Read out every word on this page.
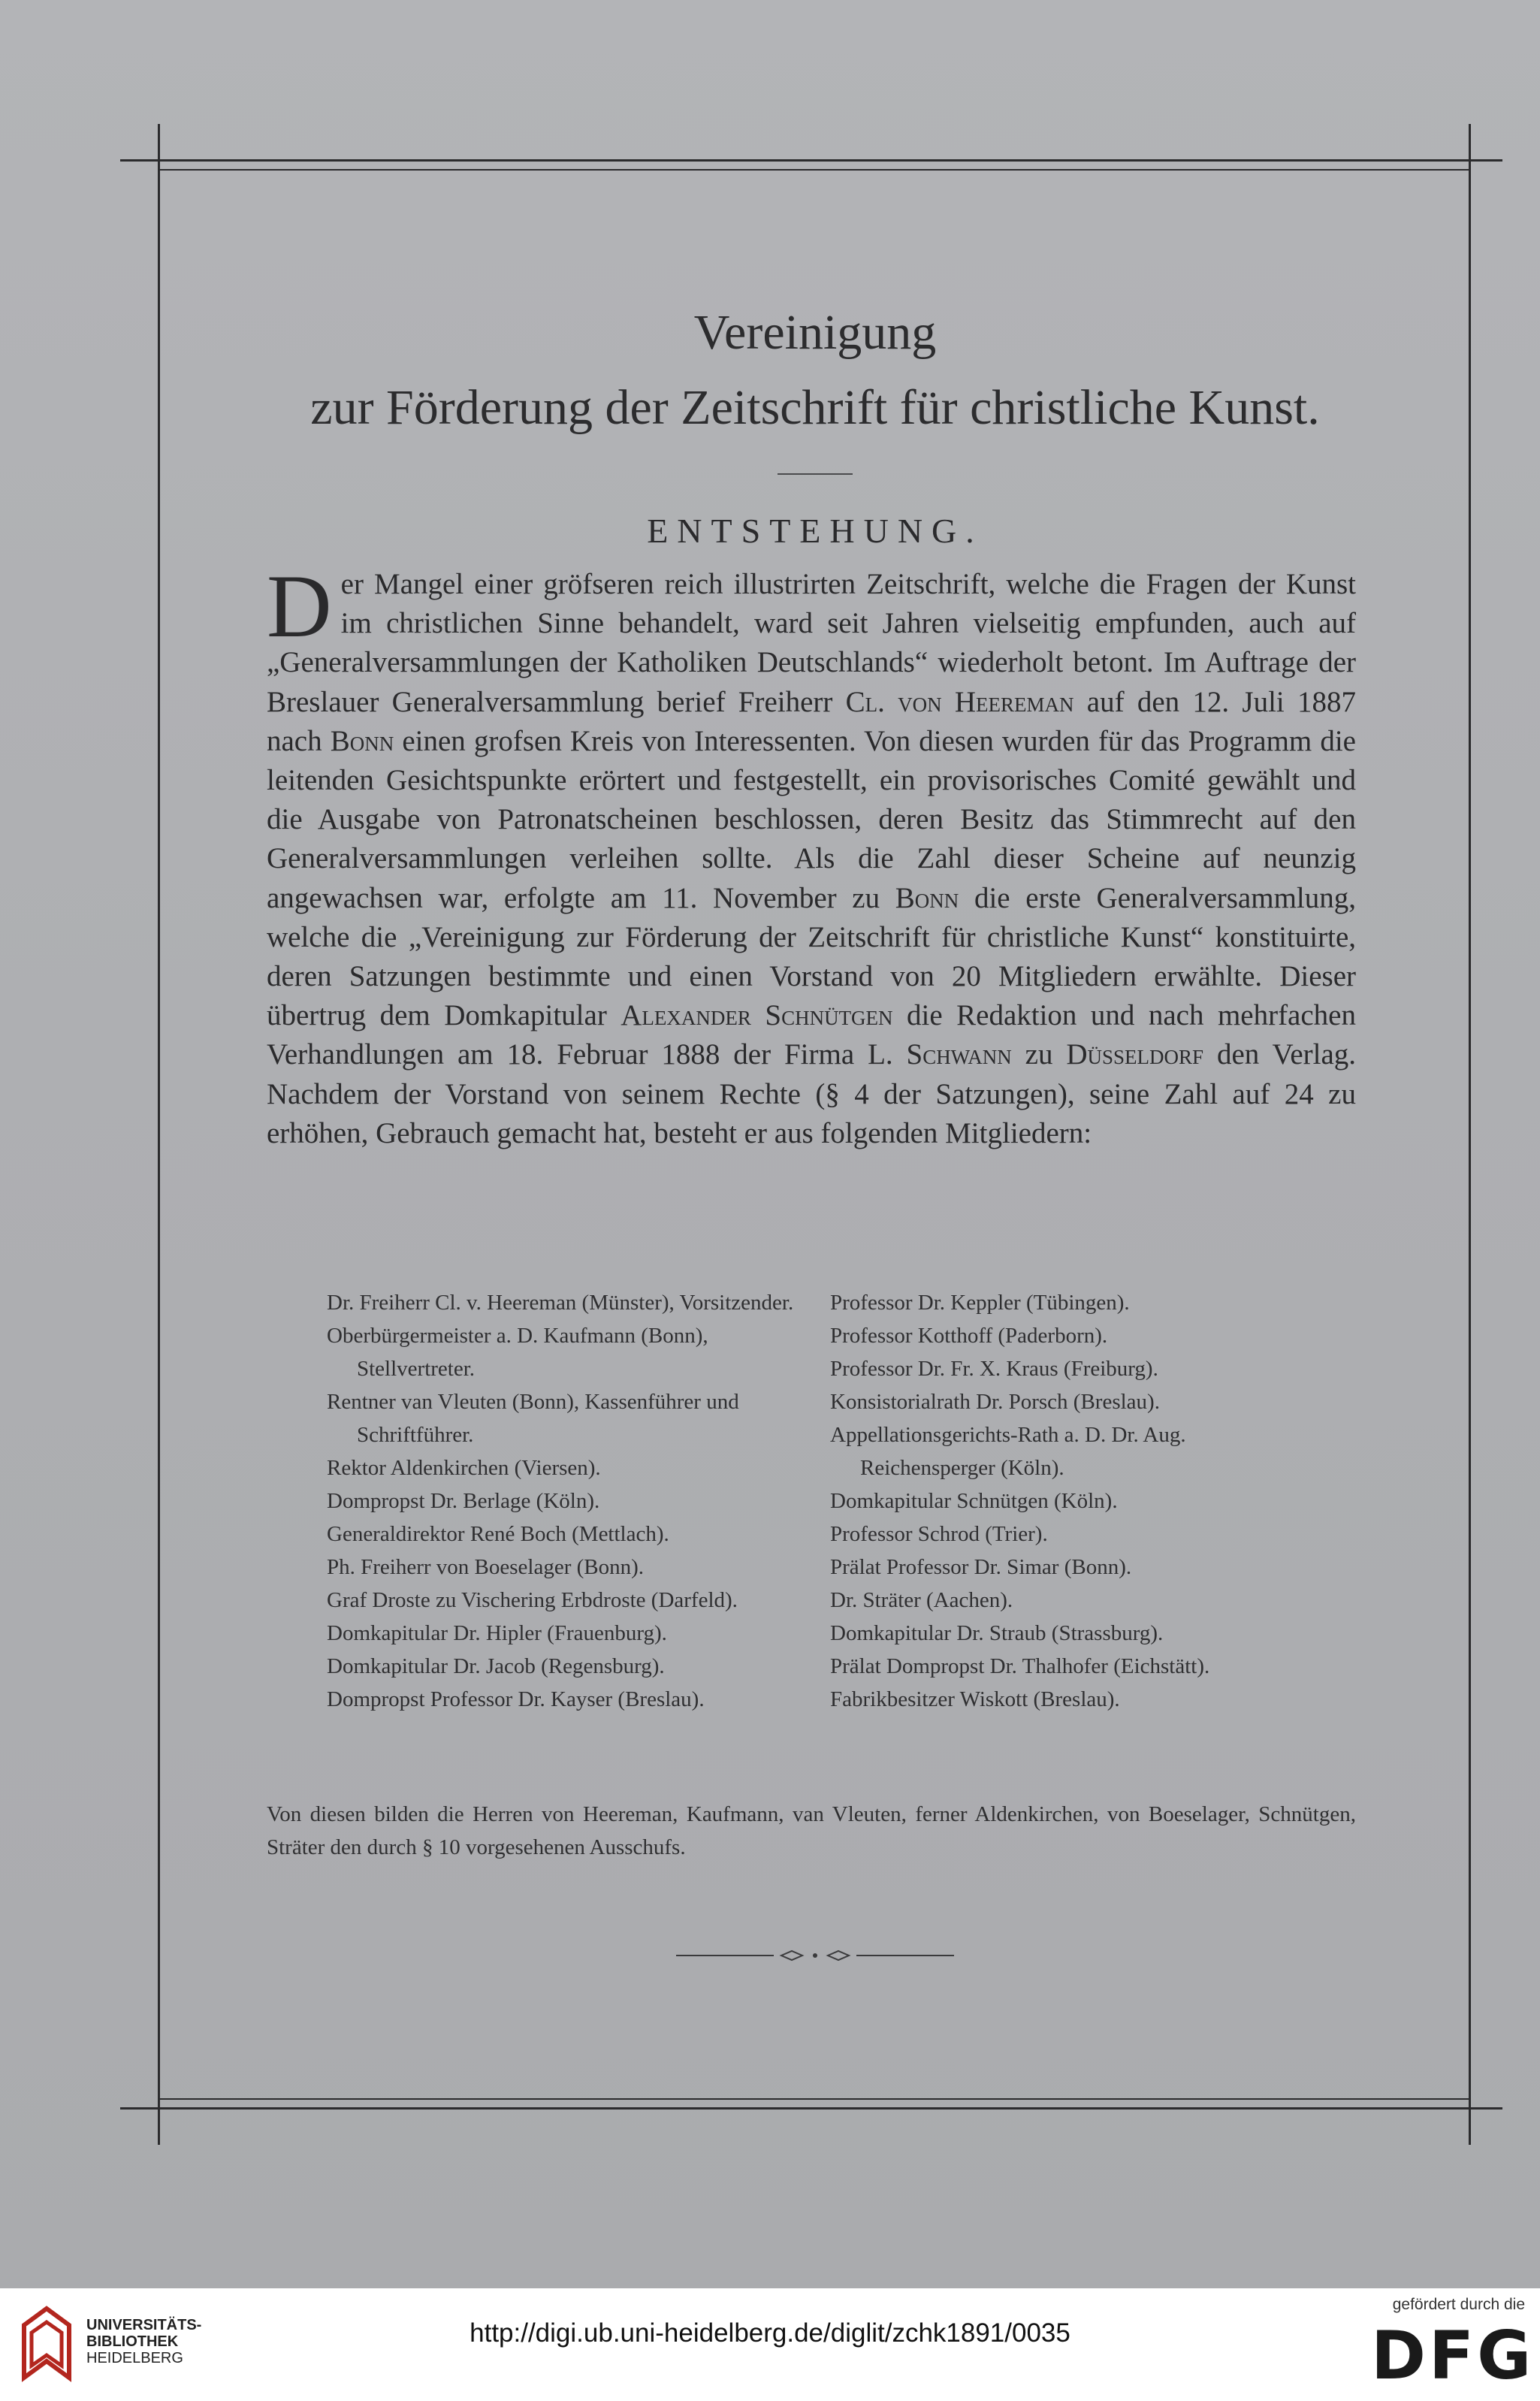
Vereinigung
zur Förderung der Zeitschrift für christliche Kunst.
ENTSTEHUNG.

Der Mangel einer gröfseren reich illustrirten Zeitschrift, welche die Fragen der Kunst im christlichen Sinne behandelt, ward seit Jahren vielseitig empfunden, auch auf „Generalversammlungen der Katholiken Deutschlands“ wiederholt betont. Im Auftrage der Breslauer Generalversammlung berief Freiherr Cl. von Heereman auf den 12. Juli 1887 nach Bonn einen grofsen Kreis von Interessenten. Von diesen wurden für das Programm die leitenden Gesichtspunkte erörtert und festgestellt, ein provisorisches Comité gewählt und die Ausgabe von Patronatscheinen beschlossen, deren Besitz das Stimmrecht auf den Generalversammlungen verleihen sollte. Als die Zahl dieser Scheine auf neunzig angewachsen war, erfolgte am 11. November zu Bonn die erste Generalversammlung, welche die „Vereinigung zur Förderung der Zeitschrift für christliche Kunst“ konstituirte, deren Satzungen bestimmte und einen Vorstand von 20 Mitgliedern erwählte. Dieser übertrug dem Domkapitular Alexander Schnütgen die Redaktion und nach mehrfachen Verhandlungen am 18. Februar 1888 der Firma L. Schwann zu Düsseldorf den Verlag. Nachdem der Vorstand von seinem Rechte (§ 4 der Satzungen), seine Zahl auf 24 zu erhöhen, Gebrauch gemacht hat, besteht er aus folgenden Mitgliedern:

Dr. Freiherr Cl. v. Heereman (Münster), Vorsitzender.
Oberbürgermeister a. D. Kaufmann (Bonn), Stellvertreter.
Rentner van Vleuten (Bonn), Kassenführer und Schriftführer.
Rektor Aldenkirchen (Viersen).
Dompropst Dr. Berlage (Köln).
Generaldirektor René Boch (Mettlach).
Ph. Freiherr von Boeselager (Bonn).
Graf Droste zu Vischering Erbdroste (Darfeld).
Domkapitular Dr. Hipler (Frauenburg).
Domkapitular Dr. Jacob (Regensburg).
Dompropst Professor Dr. Kayser (Breslau).
Professor Dr. Keppler (Tübingen).
Professor Kotthoff (Paderborn).
Professor Dr. Fr. X. Kraus (Freiburg).
Konsistorialrath Dr. Porsch (Breslau).
Appellationsgerichts-Rath a. D. Dr. Aug. Reichensperger (Köln).
Domkapitular Schnütgen (Köln).
Professor Schrod (Trier).
Prälat Professor Dr. Simar (Bonn).
Dr. Sträter (Aachen).
Domkapitular Dr. Straub (Strassburg).
Prälat Dompropst Dr. Thalhofer (Eichstätt).
Fabrikbesitzer Wiskott (Breslau).

Von diesen bilden die Herren von Heereman, Kaufmann, van Vleuten, ferner Aldenkirchen, von Boeselager, Schnütgen, Sträter den durch § 10 vorgesehenen Ausschufs.

UNIVERSITÄTS-
BIBLIOTHEK
HEIDELBERG
http://digi.ub.uni-heidelberg.de/diglit/zchk1891/0035
gefördert durch die
DFG
